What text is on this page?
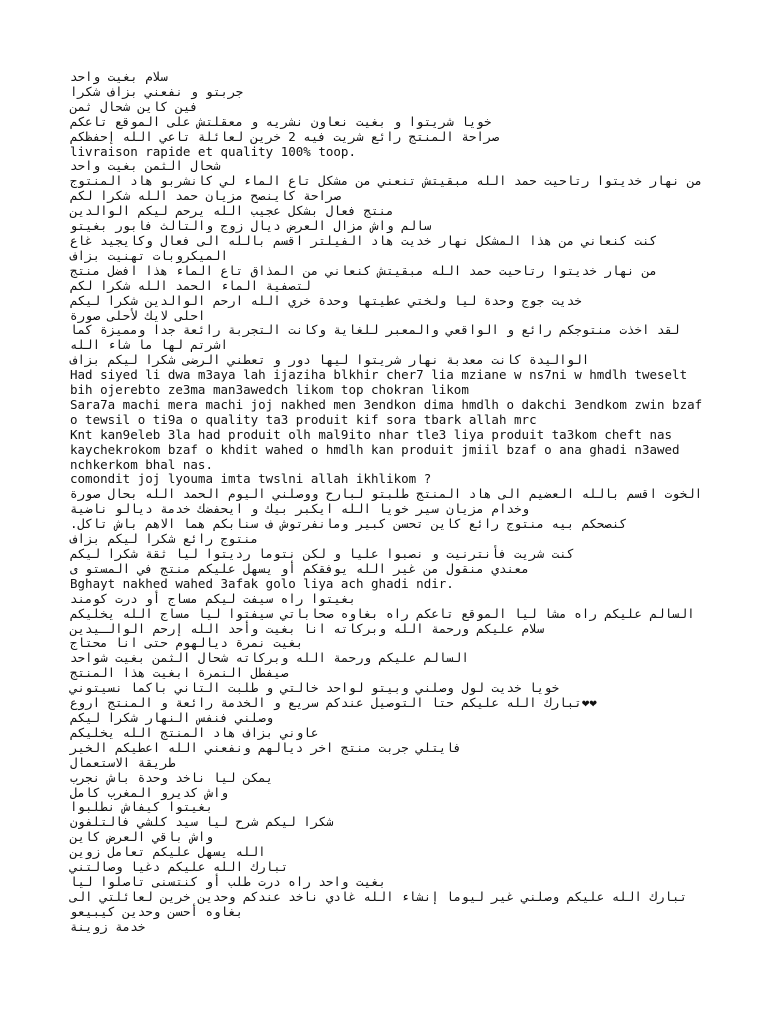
سلام بغيت واحد

جربتو و نفعني بزاف شكرا

فين كاين شحال ثمن

خويا شريتوا و بغيت نعاون نشريه و معقلتش على الموقع تاعكم

صراحة المنتج رائع شريت فيه 2 خرين لعائلة تاعي الله إحفظكم

livraison rapide et quality 100% toop.

شحال الثمن بغيت واحد

من نهار خديتوا رتاحيت حمد الله مبقيتش تنعني من مشكل تاع الماء لي كانشربو هاد المنتوج صراحة كاينصح مزيان حمد الله شكرا لكم

منتج فعال بشكل عجيب الله يرحم ليكم الوالدين

سالم واش مزال العرض ديال زوج والتالث فابور بغيتو

كنت كنعاني من هذا المشكل نهار خديت هاد الفيلتر اقسم بالله الى فعال وكايجيد غاع الميكروبات تهنيت بزاف

من نهار خديتوا رتاحيت حمد الله مبقيتش كنعاني من المذاق تاع الماء هذا افضل منتج لتصفية الماء الحمد الله شكرا لكم

خديت جوج وحدة ليا ولختي عطيتها وحدة خري الله ارحم الوالدين شكرا ليكم

احلى لايك لأحلى صورة

لقد اخذت منتوجكم رائع و الواقعي والمعبر للغاية وكانت التجربة رائعة جدا ومميزة كما اشرتم لها ما شاء الله

الواليدة كانت معدبة نهار شريتوا ليها دور و تعطني الرضى شكرا ليكم بزاف

Had siyed li dwa m3aya lah ijaziha blkhir cher7 lia mziane w ns7ni w hmdlh tweselt bih ojerebto ze3ma man3awedch likom top chokran likom

Sara7a machi mera machi joj nakhed men 3endkon dima hmdlh o dakchi 3endkom zwin bzaf o tewsil o ti9a o quality ta3 produit kif sora tbark allah mrc

Knt kan9eleb 3la had produit olh mal9ito nhar tle3 liya produit ta3kom cheft nas kaychekrokom bzaf o khdit wahed o hmdlh kan produit jmiil bzaf o ana ghadi n3awed nchkerkom bhal nas.

comondit joj lyouma imta twslni allah ikhlikom ?

الخوت اقسم بالله العضيم الى هاد المنتج طلبتو لبارح ووصلني اليوم الحمد الله بحال صورة وخدام مزيان سير خويا الله ايكبر بيك و ايحفضك خدمة ديالو ناضية

كنصحكم بيه منتوج رائع كاين تحسن كبير ومانفرتوش ف سنابكم هما الاهم باش تاكل.

منتوج رائع شكرا ليكم بزاف

كنت شريت فأنترنيت و نصبوا عليا و لكن نتوما رديتوا ليا ثقة شكرا ليكم

معندي منقول من غير الله يوفقكم أو يسهل عليكم منتج في المستو ى

Bghayt nakhed wahed 3afak golo liya ach ghadi ndir.

بغيتوا راه سيفت ليكم مساج أو درت كومند

السالم عليكم راه مشا ليا الموقع تاعكم راه بغاوه صحاباتي سيفتوا ليا مساج الله يخليكم

سلام عليكم ورحمة الله وبركاته انا بغيت وأحد الله إرحم الوالـيدين

بغيت نمرة ديالهوم حتى انا محتاج

السالم عليكم ورحمة الله وبركاته شحال الثمن بغيت شواحد

صيفطل النمرة ابغيت هذا المنتج

خويا خديت لول وصلني وبيتو لواحد خالتي و طلبت التاني باكما نسيتوني

❤❤تبارك الله عليكم حتا التوصيل عندكم سريع و الخدمة رائعة و المنتج اروع

وصلني فنفس النهار شكرا ليكم

عاوني بزاف هاد المنتج الله يخليكم

فايتلي جربت منتج اخر ديالهم ونفعني الله اعطيكم الخير

طريقة الاستعمال

يمكن ليا ناخد وحدة باش نجرب

واش كديرو المغرب كامل

بغيتوا كيفاش نطلبوا

شكرا ليكم شرح ليا سيد كلشي فالتلفون

واش باقي العرض كاين

الله يسهل عليكم تعامل زوين

تبارك الله عليكم دغيا وصالتني

بغيت واحد راه درت طلب أو كنتسنى تاصلوا ليا

تبارك الله عليكم وصلني غير ليوما إنشاء الله غادي ناخد عندكم وحدين خرين لعائلتي الى بغاوه أحسن وحدين كيبيعو

خدمة زوينة
